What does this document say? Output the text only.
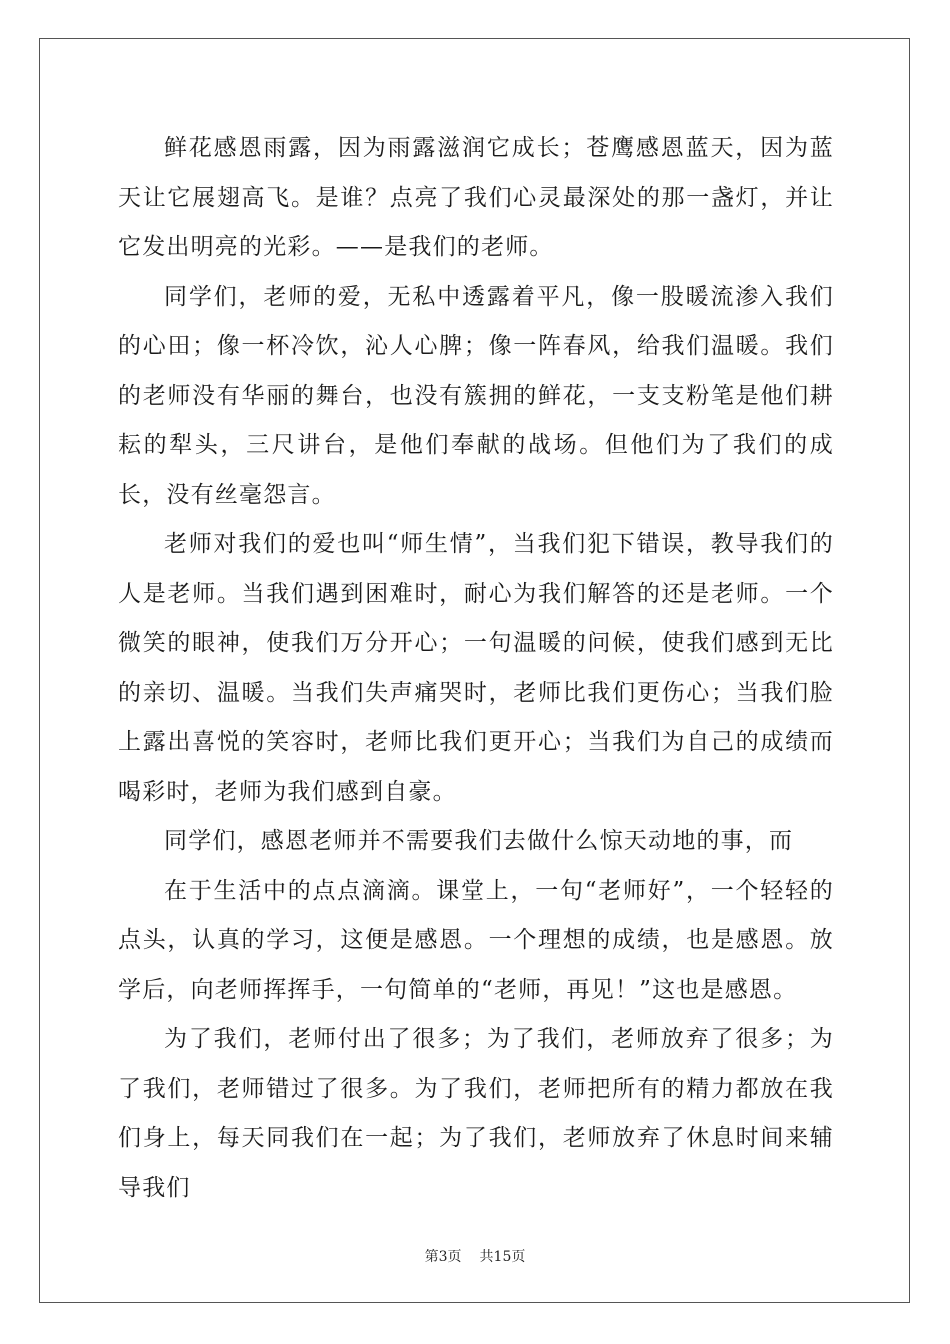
鲜花感恩雨露，因为雨露滋润它成长；苍鹰感恩蓝天，因为蓝天让它展翅高飞。是谁？点亮了我们心灵最深处的那一盏灯，并让它发出明亮的光彩。——是我们的老师。

同学们，老师的爱，无私中透露着平凡，像一股暖流渗入我们的心田；像一杯冷饮，沁人心脾；像一阵春风，给我们温暖。我们的老师没有华丽的舞台，也没有簇拥的鲜花，一支支粉笔是他们耕耘的犁头，三尺讲台，是他们奉献的战场。但他们为了我们的成长，没有丝毫怨言。

老师对我们的爱也叫“师生情”，当我们犯下错误，教导我们的人是老师。当我们遇到困难时，耐心为我们解答的还是老师。一个微笑的眼神，使我们万分开心；一句温暖的问候，使我们感到无比的亲切、温暖。当我们失声痛哭时，老师比我们更伤心；当我们脸上露出喜悦的笑容时，老师比我们更开心；当我们为自己的成绩而喝彩时，老师为我们感到自豪。

同学们，感恩老师并不需要我们去做什么惊天动地的事，而

在于生活中的点点滴滴。课堂上，一句“老师好”，一个轻轻的点头，认真的学习，这便是感恩。一个理想的成绩，也是感恩。放学后，向老师挥挥手，一句简单的“老师，再见！”这也是感恩。

为了我们，老师付出了很多；为了我们，老师放弃了很多；为了我们，老师错过了很多。为了我们，老师把所有的精力都放在我们身上，每天同我们在一起；为了我们，老师放弃了休息时间来辅导我们

第3页 共15页
